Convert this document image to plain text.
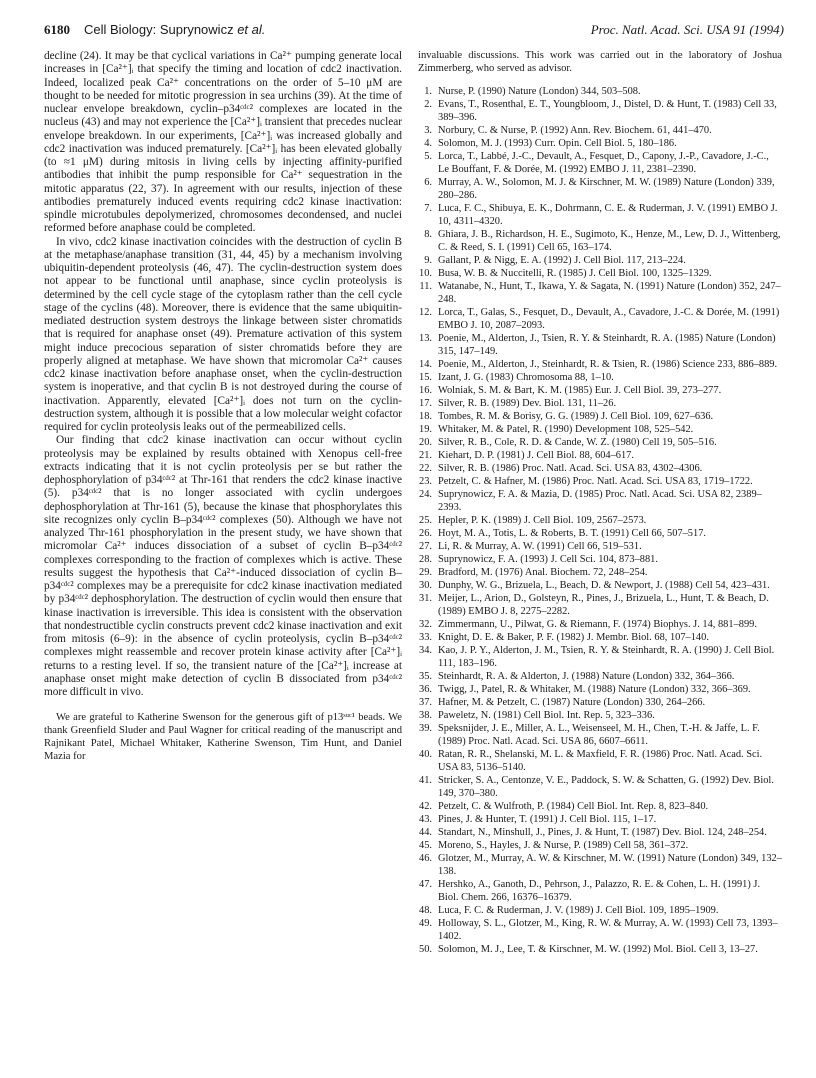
6180 Cell Biology: Suprynowicz et al.	Proc. Natl. Acad. Sci. USA 91 (1994)

decline (24). It may be that cyclical variations in Ca²⁺ pumping generate local increases in [Ca²⁺]ᵢ that specify the timing and location of cdc2 inactivation. Indeed, localized peak Ca²⁺ concentrations on the order of 5–10 μM are thought to be needed for mitotic progression in sea urchins (39). At the time of nuclear envelope breakdown, cyclin–p34ᶜᵈᶜ² complexes are located in the nucleus (43) and may not experience the [Ca²⁺]ᵢ transient that precedes nuclear envelope breakdown. In our experiments, [Ca²⁺]ᵢ was increased globally and cdc2 inactivation was induced prematurely. [Ca²⁺]ᵢ has been elevated globally (to ≈1 μM) during mitosis in living cells by injecting affinity-purified antibodies that inhibit the pump responsible for Ca²⁺ sequestration in the mitotic apparatus (22, 37). In agreement with our results, injection of these antibodies prematurely induced events requiring cdc2 kinase inactivation: spindle microtubules depolymerized, chromosomes decondensed, and nuclei reformed before anaphase could be completed.

In vivo, cdc2 kinase inactivation coincides with the destruction of cyclin B at the metaphase/anaphase transition (31, 44, 45) by a mechanism involving ubiquitin-dependent proteolysis (46, 47). The cyclin-destruction system does not appear to be functional until anaphase, since cyclin proteolysis is determined by the cell cycle stage of the cytoplasm rather than the cell cycle stage of the cyclins (48). Moreover, there is evidence that the same ubiquitin-mediated destruction system destroys the linkage between sister chromatids that is required for anaphase onset (49). Premature activation of this system might induce precocious separation of sister chromatids before they are properly aligned at metaphase. We have shown that micromolar Ca²⁺ causes cdc2 kinase inactivation before anaphase onset, when the cyclin-destruction system is inoperative, and that cyclin B is not destroyed during the course of inactivation. Apparently, elevated [Ca²⁺]ᵢ does not turn on the cyclin-destruction system, although it is possible that a low molecular weight cofactor required for cyclin proteolysis leaks out of the permeabilized cells.

Our finding that cdc2 kinase inactivation can occur without cyclin proteolysis may be explained by results obtained with Xenopus cell-free extracts indicating that it is not cyclin proteolysis per se but rather the dephosphorylation of p34ᶜᵈᶜ² at Thr-161 that renders the cdc2 kinase inactive (5). p34ᶜᵈᶜ² that is no longer associated with cyclin undergoes dephosphorylation at Thr-161 (5), because the kinase that phosphorylates this site recognizes only cyclin B–p34ᶜᵈᶜ² complexes (50). Although we have not analyzed Thr-161 phosphorylation in the present study, we have shown that micromolar Ca²⁺ induces dissociation of a subset of cyclin B–p34ᶜᵈᶜ² complexes corresponding to the fraction of complexes which is active. These results suggest the hypothesis that Ca²⁺-induced dissociation of cyclin B–p34ᶜᵈᶜ² complexes may be a prerequisite for cdc2 kinase inactivation mediated by p34ᶜᵈᶜ² dephosphorylation. The destruction of cyclin would then ensure that kinase inactivation is irreversible. This idea is consistent with the observation that nondestructible cyclin constructs prevent cdc2 kinase inactivation and exit from mitosis (6–9): in the absence of cyclin proteolysis, cyclin B–p34ᶜᵈᶜ² complexes might reassemble and recover protein kinase activity after [Ca²⁺]ᵢ returns to a resting level. If so, the transient nature of the [Ca²⁺]ᵢ increase at anaphase onset might make detection of cyclin B dissociated from p34ᶜᵈᶜ² more difficult in vivo.

We are grateful to Katherine Swenson for the generous gift of p13ˢᵘᶜ¹ beads. We thank Greenfield Sluder and Paul Wagner for critical reading of the manuscript and Rajnikant Patel, Michael Whitaker, Katherine Swenson, Tim Hunt, and Daniel Mazia for

invaluable discussions. This work was carried out in the laboratory of Joshua Zimmerberg, who served as advisor.

1. Nurse, P. (1990) Nature (London) 344, 503–508.
2. Evans, T., Rosenthal, E. T., Youngbloom, J., Distel, D. & Hunt, T. (1983) Cell 33, 389–396.
3. Norbury, C. & Nurse, P. (1992) Ann. Rev. Biochem. 61, 441–470.
4. Solomon, M. J. (1993) Curr. Opin. Cell Biol. 5, 180–186.
5. Lorca, T., Labbé, J.-C., Devault, A., Fesquet, D., Capony, J.-P., Cavadore, J.-C., Le Bouffant, F. & Dorée, M. (1992) EMBO J. 11, 2381–2390.
6. Murray, A. W., Solomon, M. J. & Kirschner, M. W. (1989) Nature (London) 339, 280–286.
7. Luca, F. C., Shibuya, E. K., Dohrmann, C. E. & Ruderman, J. V. (1991) EMBO J. 10, 4311–4320.
8. Ghiara, J. B., Richardson, H. E., Sugimoto, K., Henze, M., Lew, D. J., Wittenberg, C. & Reed, S. I. (1991) Cell 65, 163–174.
9. Gallant, P. & Nigg, E. A. (1992) J. Cell Biol. 117, 213–224.
10. Busa, W. B. & Nuccitelli, R. (1985) J. Cell Biol. 100, 1325–1329.
11. Watanabe, N., Hunt, T., Ikawa, Y. & Sagata, N. (1991) Nature (London) 352, 247–248.
12. Lorca, T., Galas, S., Fesquet, D., Devault, A., Cavadore, J.-C. & Dorée, M. (1991) EMBO J. 10, 2087–2093.
13. Poenie, M., Alderton, J., Tsien, R. Y. & Steinhardt, R. A. (1985) Nature (London) 315, 147–149.
14. Poenie, M., Alderton, J., Steinhardt, R. & Tsien, R. (1986) Science 233, 886–889.
15. Izant, J. G. (1983) Chromosoma 88, 1–10.
16. Wolniak, S. M. & Bart, K. M. (1985) Eur. J. Cell Biol. 39, 273–277.
17. Silver, R. B. (1989) Dev. Biol. 131, 11–26.
18. Tombes, R. M. & Borisy, G. G. (1989) J. Cell Biol. 109, 627–636.
19. Whitaker, M. & Patel, R. (1990) Development 108, 525–542.
20. Silver, R. B., Cole, R. D. & Cande, W. Z. (1980) Cell 19, 505–516.
21. Kiehart, D. P. (1981) J. Cell Biol. 88, 604–617.
22. Silver, R. B. (1986) Proc. Natl. Acad. Sci. USA 83, 4302–4306.
23. Petzelt, C. & Hafner, M. (1986) Proc. Natl. Acad. Sci. USA 83, 1719–1722.
24. Suprynowicz, F. A. & Mazia, D. (1985) Proc. Natl. Acad. Sci. USA 82, 2389–2393.
25. Hepler, P. K. (1989) J. Cell Biol. 109, 2567–2573.
26. Hoyt, M. A., Totis, L. & Roberts, B. T. (1991) Cell 66, 507–517.
27. Li, R. & Murray, A. W. (1991) Cell 66, 519–531.
28. Suprynowicz, F. A. (1993) J. Cell Sci. 104, 873–881.
29. Bradford, M. (1976) Anal. Biochem. 72, 248–254.
30. Dunphy, W. G., Brizuela, L., Beach, D. & Newport, J. (1988) Cell 54, 423–431.
31. Meijer, L., Arion, D., Golsteyn, R., Pines, J., Brizuela, L., Hunt, T. & Beach, D. (1989) EMBO J. 8, 2275–2282.
32. Zimmermann, U., Pilwat, G. & Riemann, F. (1974) Biophys. J. 14, 881–899.
33. Knight, D. E. & Baker, P. F. (1982) J. Membr. Biol. 68, 107–140.
34. Kao, J. P. Y., Alderton, J. M., Tsien, R. Y. & Steinhardt, R. A. (1990) J. Cell Biol. 111, 183–196.
35. Steinhardt, R. A. & Alderton, J. (1988) Nature (London) 332, 364–366.
36. Twigg, J., Patel, R. & Whitaker, M. (1988) Nature (London) 332, 366–369.
37. Hafner, M. & Petzelt, C. (1987) Nature (London) 330, 264–266.
38. Paweletz, N. (1981) Cell Biol. Int. Rep. 5, 323–336.
39. Speksnijder, J. E., Miller, A. L., Weisenseel, M. H., Chen, T.-H. & Jaffe, L. F. (1989) Proc. Natl. Acad. Sci. USA 86, 6607–6611.
40. Ratan, R. R., Shelanski, M. L. & Maxfield, F. R. (1986) Proc. Natl. Acad. Sci. USA 83, 5136–5140.
41. Stricker, S. A., Centonze, V. E., Paddock, S. W. & Schatten, G. (1992) Dev. Biol. 149, 370–380.
42. Petzelt, C. & Wulfroth, P. (1984) Cell Biol. Int. Rep. 8, 823–840.
43. Pines, J. & Hunter, T. (1991) J. Cell Biol. 115, 1–17.
44. Standart, N., Minshull, J., Pines, J. & Hunt, T. (1987) Dev. Biol. 124, 248–254.
45. Moreno, S., Hayles, J. & Nurse, P. (1989) Cell 58, 361–372.
46. Glotzer, M., Murray, A. W. & Kirschner, M. W. (1991) Nature (London) 349, 132–138.
47. Hershko, A., Ganoth, D., Pehrson, J., Palazzo, R. E. & Cohen, L. H. (1991) J. Biol. Chem. 266, 16376–16379.
48. Luca, F. C. & Ruderman, J. V. (1989) J. Cell Biol. 109, 1895–1909.
49. Holloway, S. L., Glotzer, M., King, R. W. & Murray, A. W. (1993) Cell 73, 1393–1402.
50. Solomon, M. J., Lee, T. & Kirschner, M. W. (1992) Mol. Biol. Cell 3, 13–27.
